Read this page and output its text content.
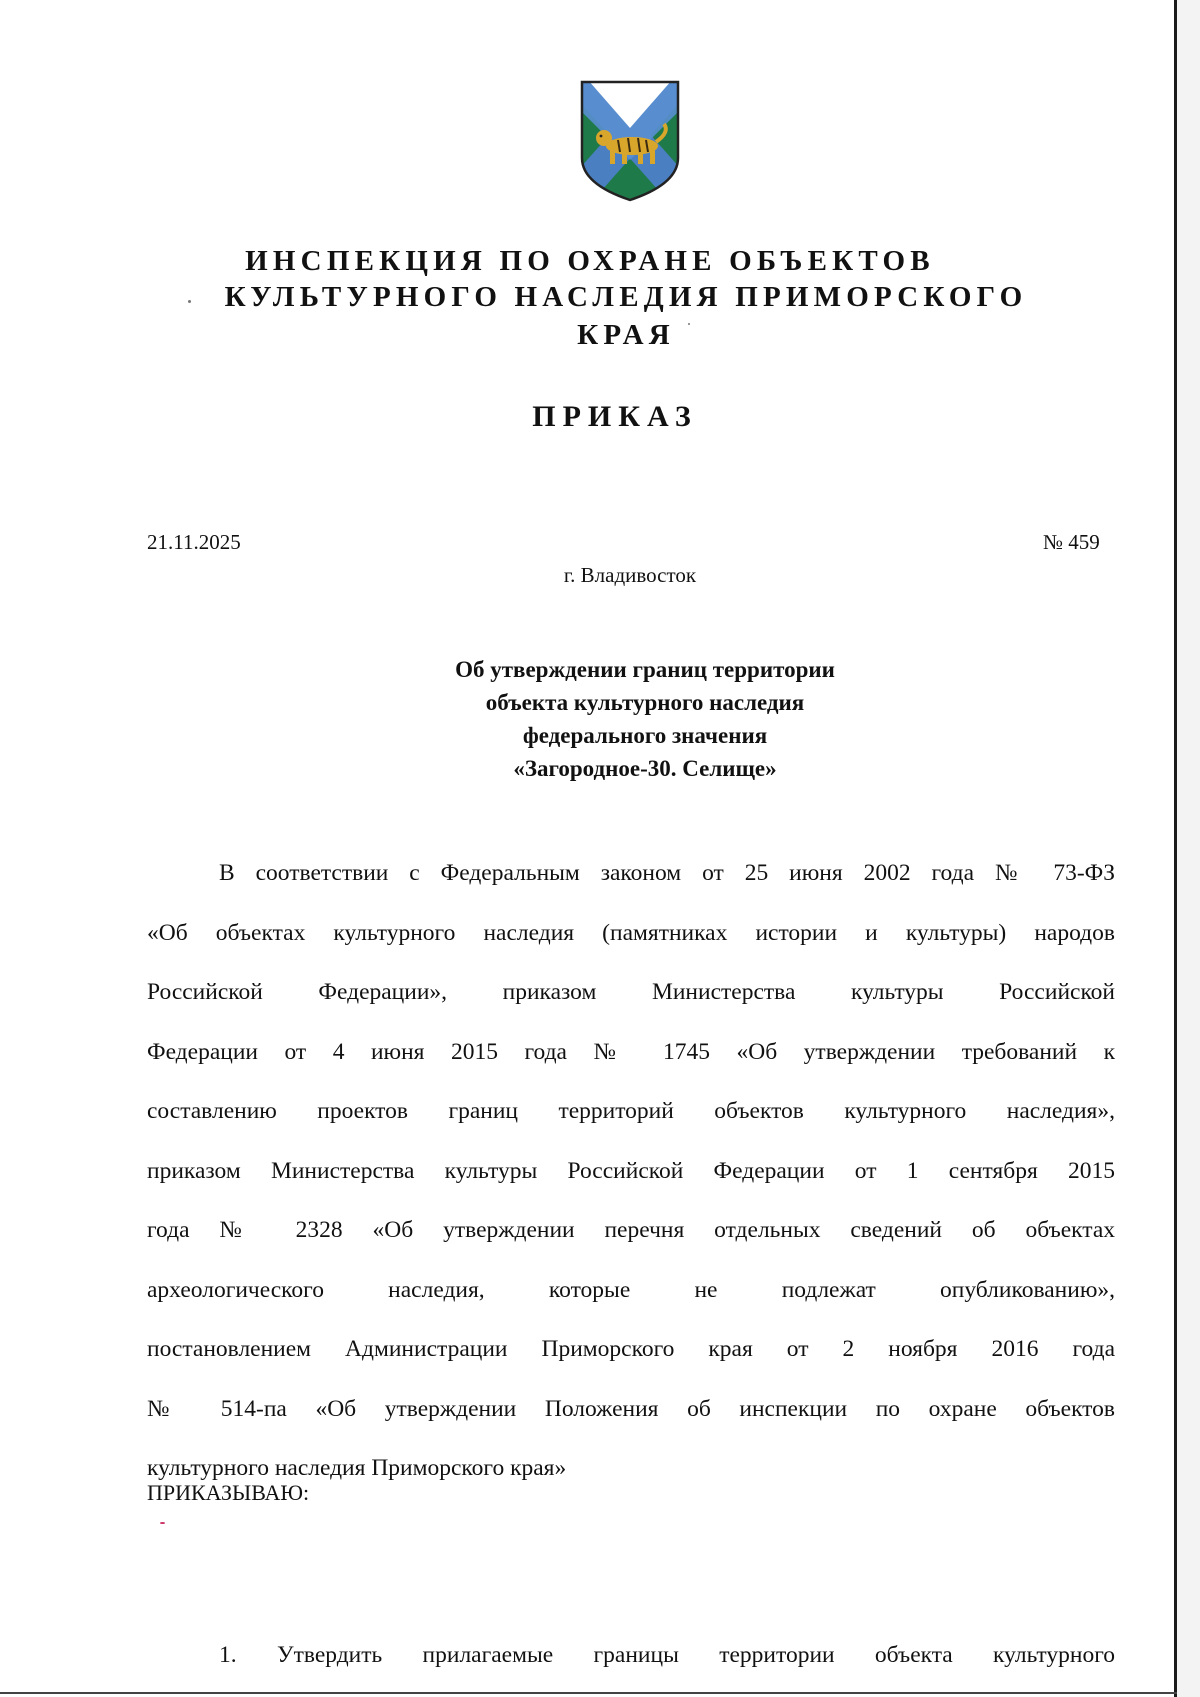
ИНСПЕКЦИЯ ПО ОХРАНЕ ОБЪЕКТОВ
КУЛЬТУРНОГО НАСЛЕДИЯ ПРИМОРСКОГО КРАЯ
ПРИКАЗ
21.11.2025	№ 459
г. Владивосток
Об утверждении границ территории
объекта культурного наследия
федерального значения
«Загородное-30. Селище»
В соответствии с Федеральным законом от 25 июня 2002 года № 73-ФЗ
«Об объектах культурного наследия (памятниках истории и культуры) народов
Российской Федерации», приказом Министерства культуры Российской
Федерации от 4 июня 2015 года № 1745 «Об утверждении требований к
составлению проектов границ территорий объектов культурного наследия»,
приказом Министерства культуры Российской Федерации от 1 сентября 2015
года № 2328 «Об утверждении перечня отдельных сведений об объектах
археологического наследия, которые не подлежат опубликованию»,
постановлением Администрации Приморского края от 2 ноября 2016 года
№ 514-па «Об утверждении Положения об инспекции по охране объектов
культурного наследия Приморского края»
ПРИКАЗЫВАЮ:
1. Утвердить прилагаемые границы территории объекта культурного
